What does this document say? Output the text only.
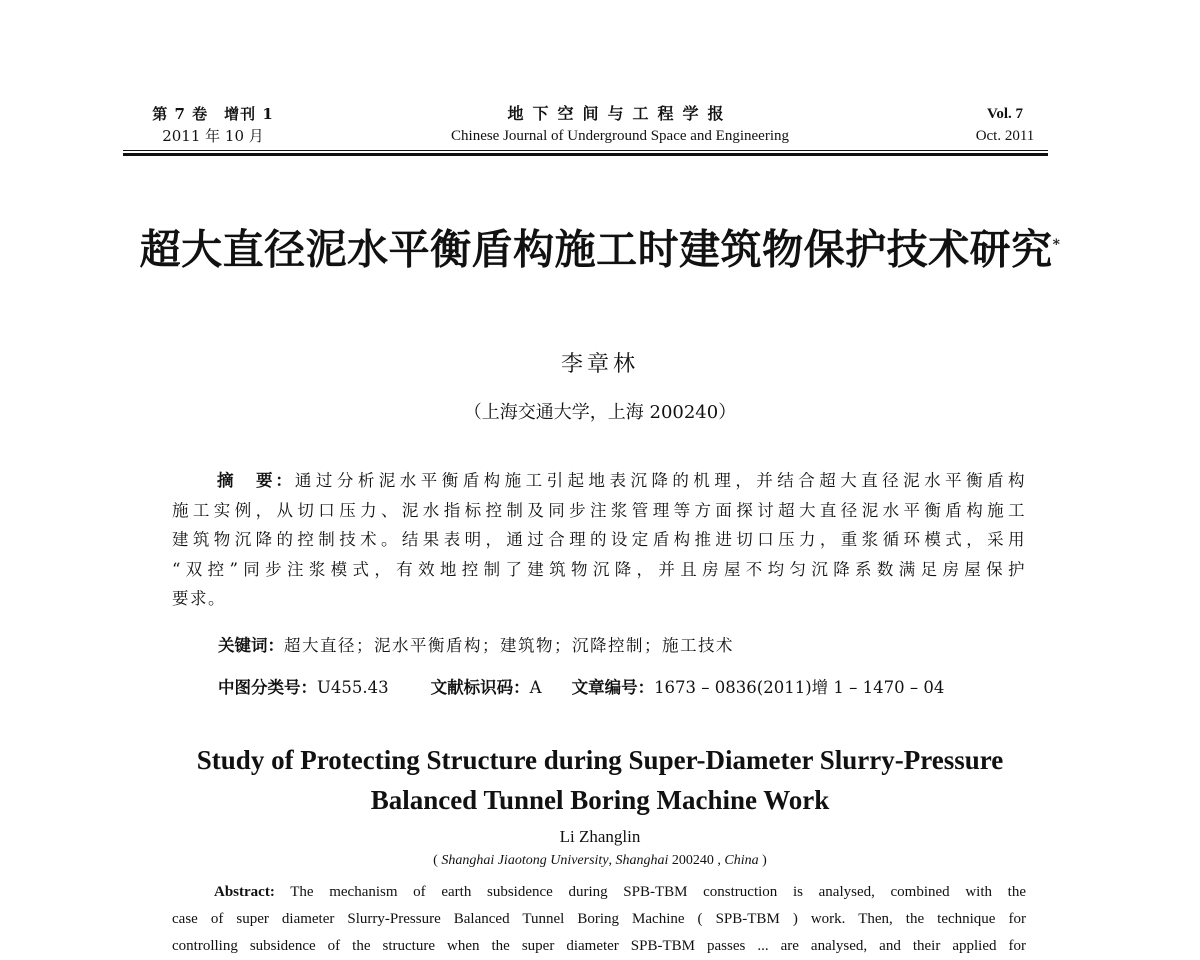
第 7 卷　增刊 1
2011 年 10 月
地下空间与工程学报
Chinese Journal of Underground Space and Engineering
Vol. 7
Oct. 2011
超大直径泥水平衡盾构施工时建筑物保护技术研究*
李章林
（上海交通大学，上海 200240）
摘　要：通过分析泥水平衡盾构施工引起地表沉降的机理，并结合超大直径泥水平衡盾构
施工实例，从切口压力、泥水指标控制及同步注浆管理等方面探讨超大直径泥水平衡盾构施工
建筑物沉降的控制技术。结果表明，通过合理的设定盾构推进切口压力，重浆循环模式，采用
“双控”同步注浆模式，有效地控制了建筑物沉降，并且房屋不均匀沉降系数满足房屋保护
要求。
关键词：超大直径；泥水平衡盾构；建筑物；沉降控制；施工技术
中图分类号：U455.43	文献标识码：A 文章编号：1673 – 0836(2011)增 1 – 1470 – 04
Study of Protecting Structure during Super-Diameter Slurry-Pressure
Balanced Tunnel Boring Machine Work
Li Zhanglin
( Shanghai Jiaotong University, Shanghai 200240 , China )
Abstract: The mechanism of earth subsidence during SPB-TBM construction is analysed, combined with the
case of super diameter Slurry-Pressure Balanced Tunnel Boring Machine ( SPB-TBM ) work. Then, the technique for
controlling subsidence of the structure when the super diameter SPB-TBM passes ... are analysed, and their applied for
